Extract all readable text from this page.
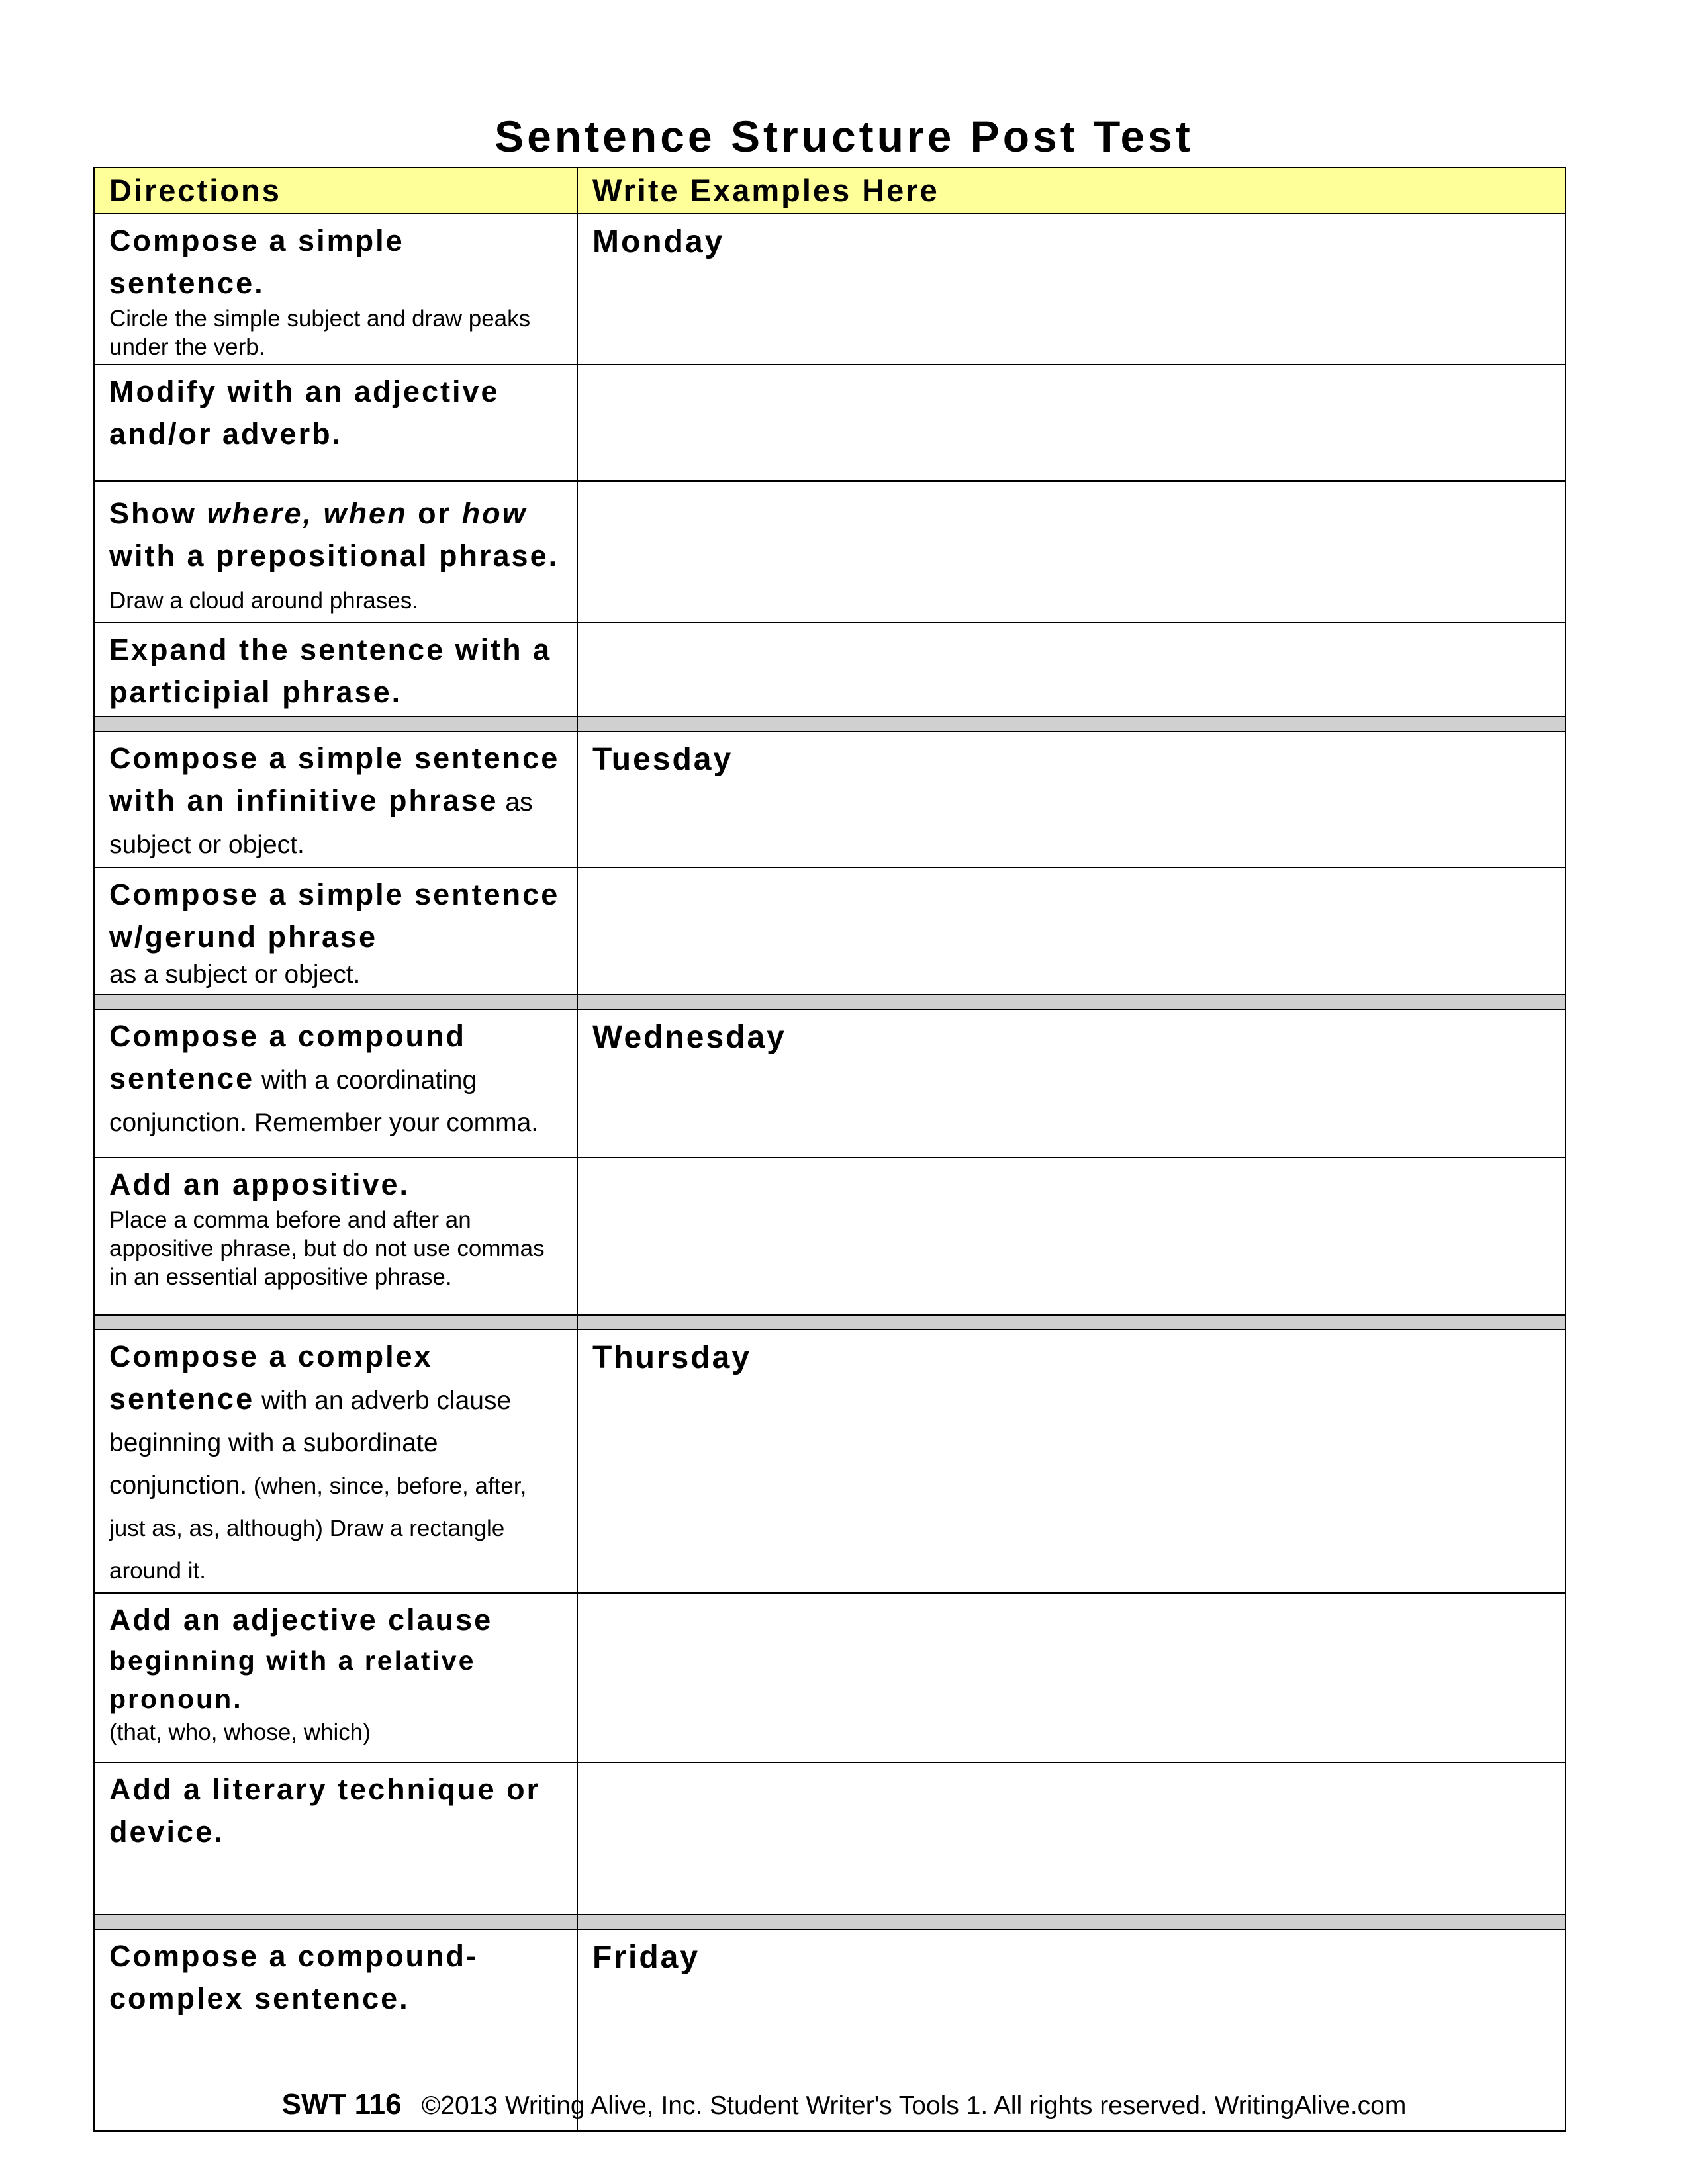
Sentence Structure Post Test
Directions	Write Examples Here

Compose a simple sentence.
Circle the simple subject and draw peaks under the verb.	Monday

Modify with an adjective and/or adverb.	

Show where, when or how with a prepositional phrase. Draw a cloud around phrases.	

Expand the sentence with a participial phrase.	

Compose a simple sentence with an infinitive phrase as subject or object.	Tuesday

Compose a simple sentence w/gerund phrase
as a subject or object.	

Compose a compound sentence with a coordinating conjunction. Remember your comma.	Wednesday

Add an appositive.
Place a comma before and after an appositive phrase, but do not use commas in an essential appositive phrase.	

Compose a complex sentence with an adverb clause beginning with a subordinate conjunction. (when, since, before, after, just as, as, although) Draw a rectangle around it.	Thursday

Add an adjective clause
beginning with a relative pronoun.
(that, who, whose, which)	

Add a literary technique or device.	

Compose a compound-complex sentence.	Friday
SWT 116 ©2013 Writing Alive, Inc. Student Writer's Tools 1. All rights reserved. WritingAlive.com
